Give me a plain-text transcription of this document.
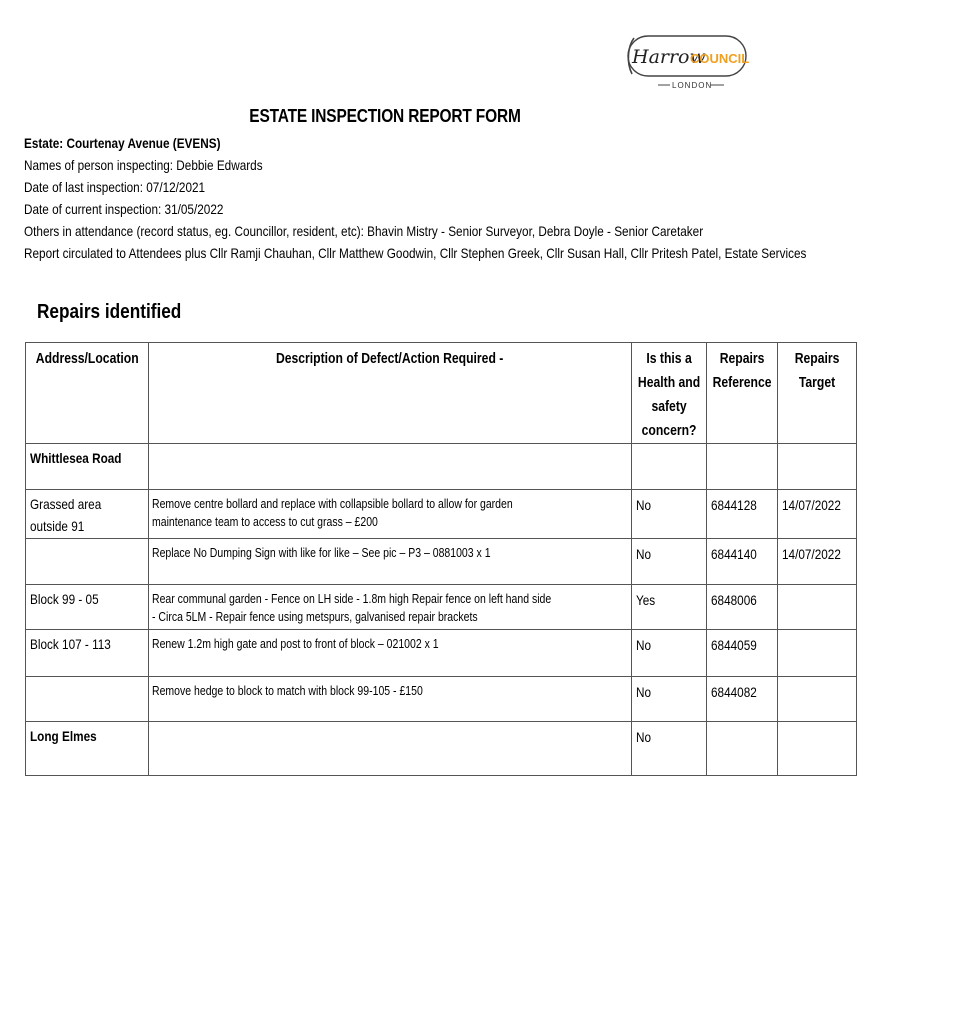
Harrow
COUNCIL
LONDON
ESTATE INSPECTION REPORT FORM
Estate: Courtenay Avenue (EVENS)
Names of person inspecting: Debbie Edwards
Date of last inspection: 07/12/2021
Date of current inspection: 31/05/2022
Others in attendance (record status, eg. Councillor, resident, etc): Bhavin Mistry - Senior Surveyor, Debra Doyle - Senior Caretaker
Report circulated to Attendees plus Cllr Ramji Chauhan, Cllr Matthew Goodwin, Cllr Stephen Greek, Cllr Susan Hall, Cllr Pritesh Patel, Estate Services
Repairs identified
Address/Location	Description of Defect/Action Required -	Is this a
Health and
safety
concern?	Repairs
Reference	Repairs
Target

Whittlesea Road				

Grassed area
outside 91	Remove centre bollard and replace with collapsible bollard to allow for garden
maintenance team to access to cut grass – £200	No	6844128	14/07/2022

	Replace No Dumping Sign with like for like – See pic – P3 – 0881003 x 1	No	6844140	14/07/2022

Block 99 - 05	Rear communal garden - Fence on LH side - 1.8m high Repair fence on left hand side
- Circa 5LM - Repair fence using metspurs, galvanised repair brackets	Yes	6848006	

Block 107 - 113	Renew 1.2m high gate and post to front of block – 021002 x 1	No	6844059	

	Remove hedge to block to match with block 99-105 - £150	No	6844082	

Long Elmes		No		
